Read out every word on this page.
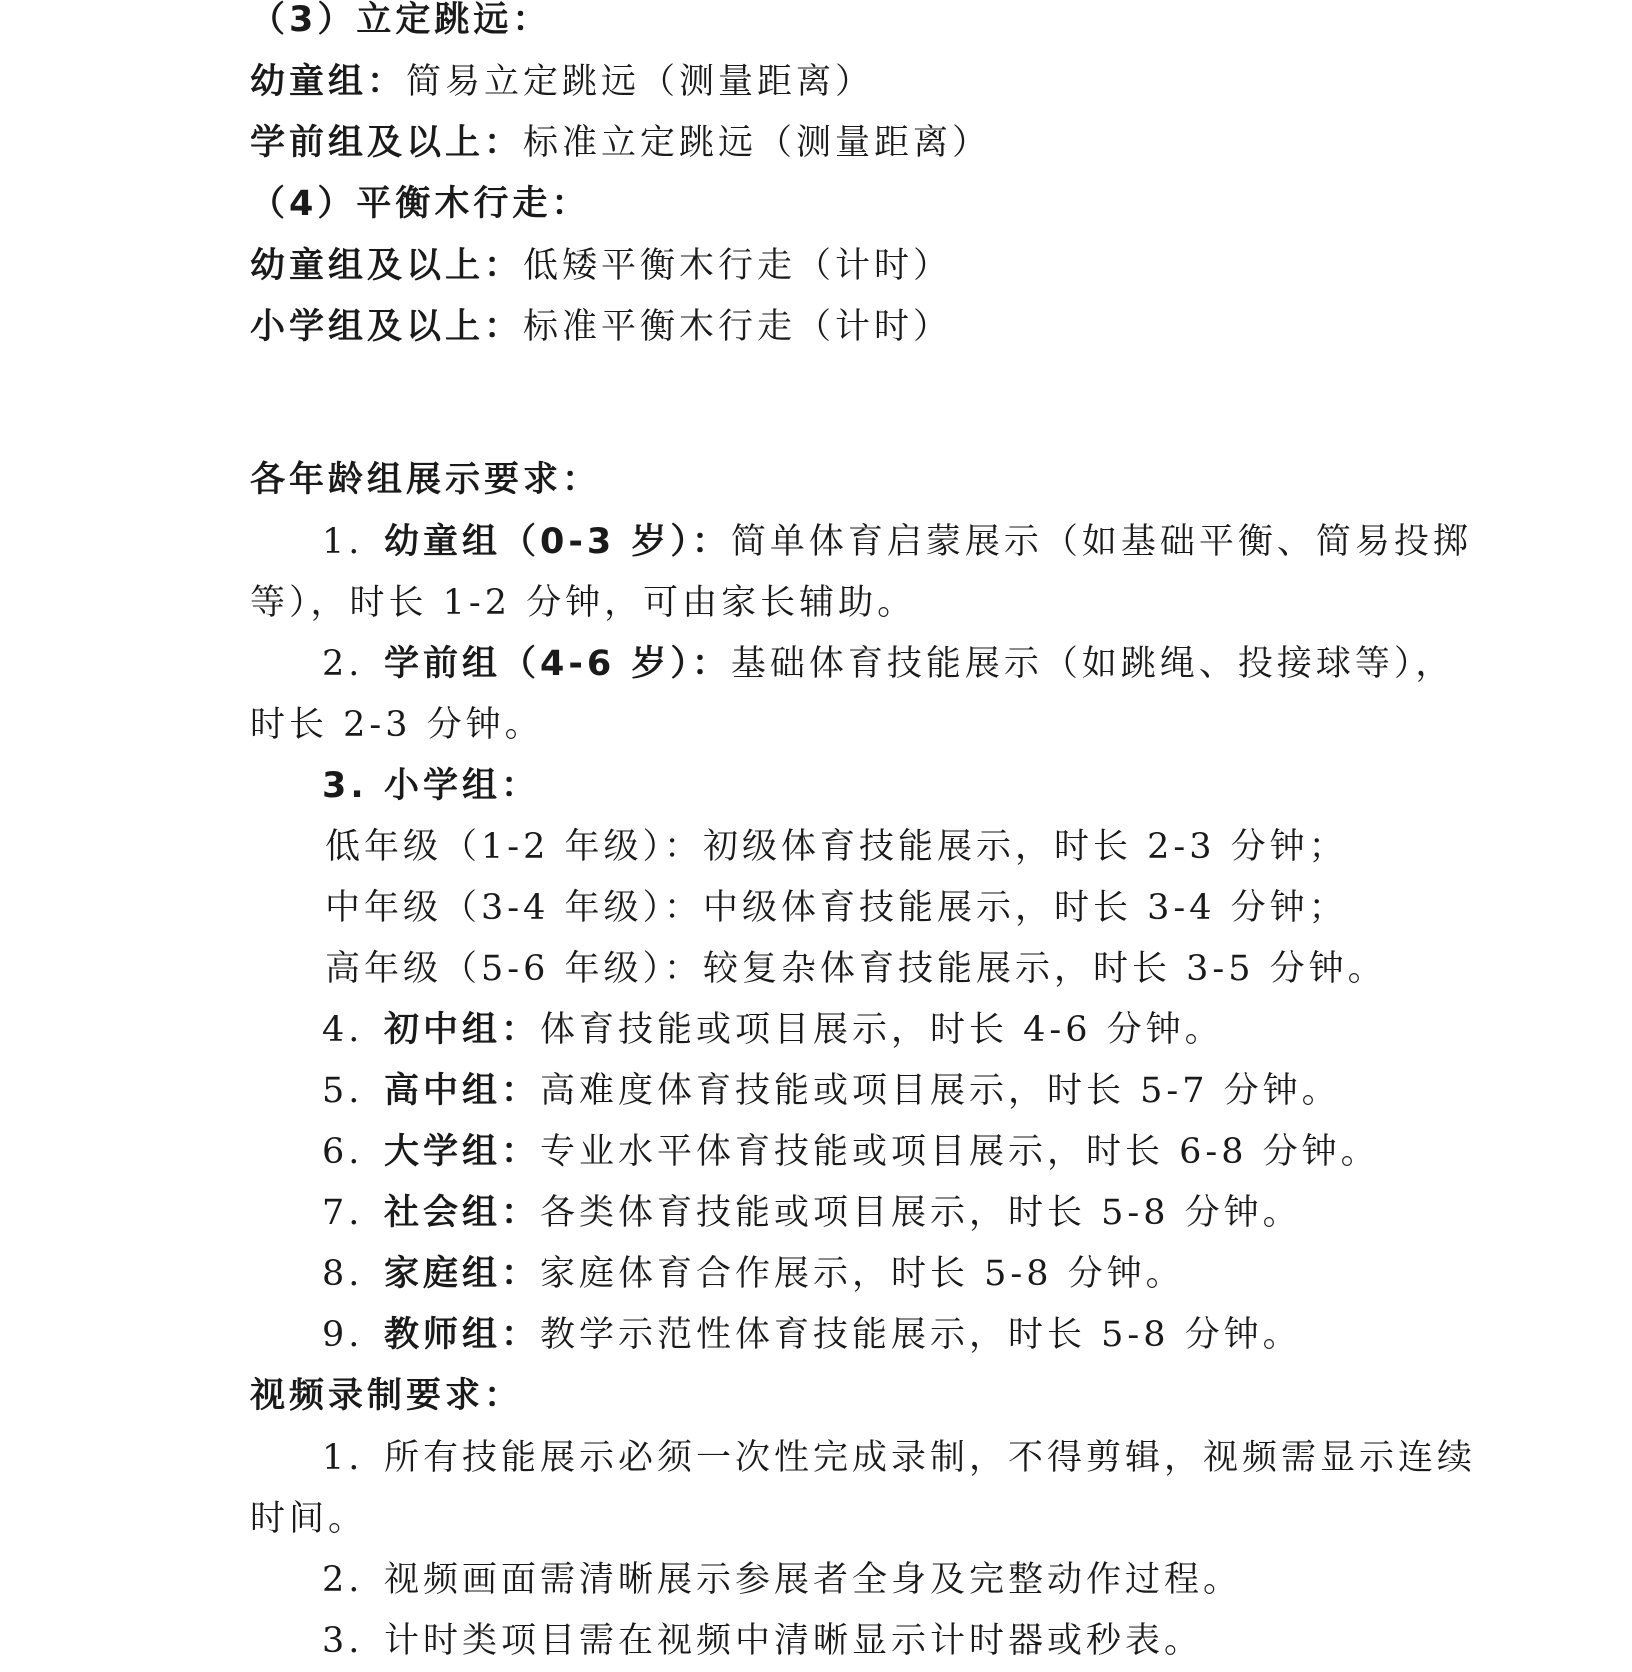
（3）立定跳远：
幼童组：简易立定跳远（测量距离）
学前组及以上：标准立定跳远（测量距离）
（4）平衡木行走：
幼童组及以上：低矮平衡木行走（计时）
小学组及以上：标准平衡木行走（计时）
各年龄组展示要求：
1. 幼童组（0-3 岁）：简单体育启蒙展示（如基础平衡、简易投掷
等），时长 1-2 分钟，可由家长辅助。
2. 学前组（4-6 岁）：基础体育技能展示（如跳绳、投接球等），
时长 2-3 分钟。
3. 小学组：
低年级（1-2 年级）：初级体育技能展示，时长 2-3 分钟；
中年级（3-4 年级）：中级体育技能展示，时长 3-4 分钟；
高年级（5-6 年级）：较复杂体育技能展示，时长 3-5 分钟。
4. 初中组：体育技能或项目展示，时长 4-6 分钟。
5. 高中组：高难度体育技能或项目展示，时长 5-7 分钟。
6. 大学组：专业水平体育技能或项目展示，时长 6-8 分钟。
7. 社会组：各类体育技能或项目展示，时长 5-8 分钟。
8. 家庭组：家庭体育合作展示，时长 5-8 分钟。
9. 教师组：教学示范性体育技能展示，时长 5-8 分钟。
视频录制要求：
1. 所有技能展示必须一次性完成录制，不得剪辑，视频需显示连续
时间。
2. 视频画面需清晰展示参展者全身及完整动作过程。
3. 计时类项目需在视频中清晰显示计时器或秒表。
